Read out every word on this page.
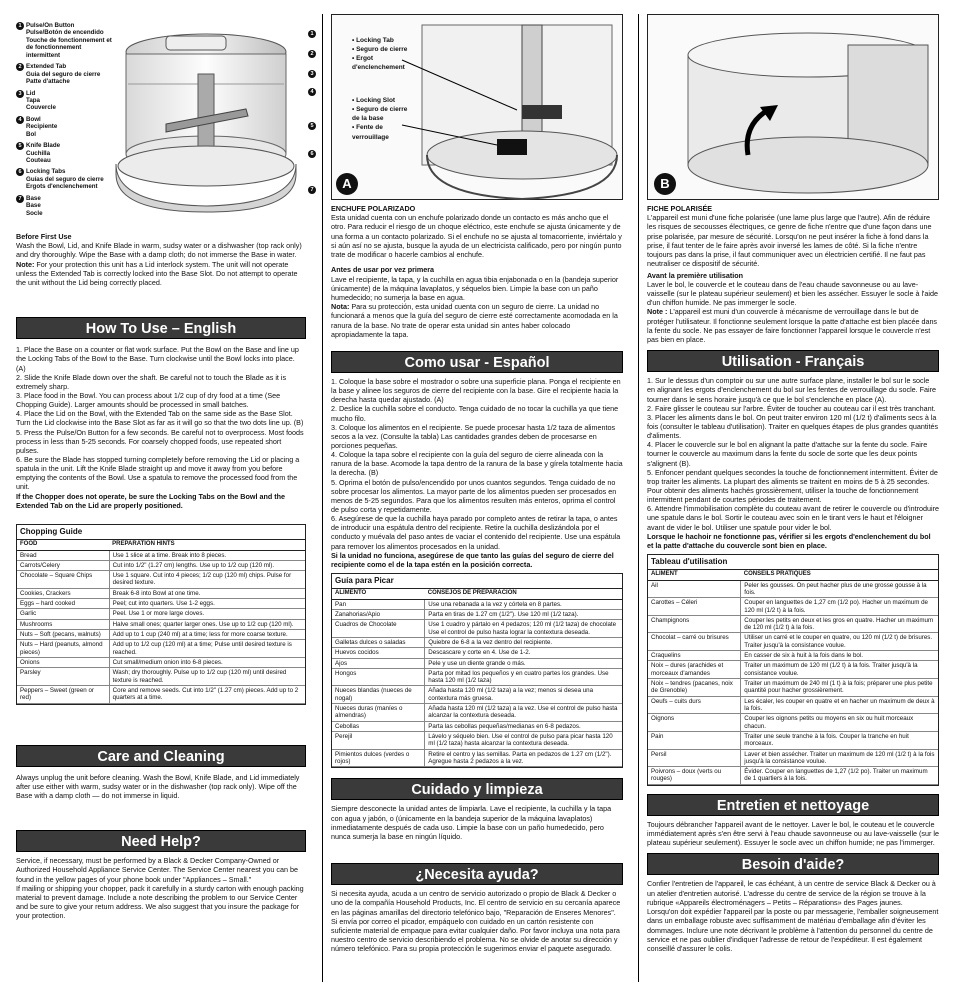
1 Pulse/On Button
Pulse/Botón de encendido
Touche de fonctionnement et de fonctionnement intermittent
2 Extended Tab
Guia del seguro de cierre
Patte d'attache
3 Lid
Tapa
Couvercle
4 Bowl
Recipiente
Bol
5 Knife Blade
Cuchilla
Couteau
6 Locking Tabs
Guías del seguro de cierre
Ergots d'enclenchement
7 Base
Base
Socle
1
2
3
4
5
6
7

Before First Use

Wash the Bowl, Lid, and Knife Blade in warm, sudsy water or a dishwasher (top rack only) and dry thoroughly. Wipe the Base with a damp cloth; do not immerse the Base in water.

Note: For your protection this unit has a Lid interlock system. The unit will not operate unless the Extended Tab is correctly locked into the Base Slot. Do not attempt to operate the unit without the Lid being correctly placed.

How To Use – English

1. Place the Base on a counter or flat work surface. Put the Bowl on the Base and line up the Locking Tabs of the Bowl to the Base. Turn clockwise until the Bowl locks into place. (A)

2. Slide the Knife Blade down over the shaft. Be careful not to touch the Blade as it is extremely sharp.

3. Place food in the Bowl. You can process about 1/2 cup of dry food at a time (See Chopping Guide). Larger amounts should be processed in small batches.

4. Place the Lid on the Bowl, with the Extended Tab on the same side as the Base Slot. Turn the Lid clockwise into the Base Slot as far as it will go so that the two dots line up. (B)

5. Press the Pulse/On Button for a few seconds. Be careful not to overprocess. Most foods process in less than 5-25 seconds. For coarsely chopped foods, use repeated short pulses.

6. Be sure the Blade has stopped turning completely before removing the Lid or placing a spatula in the unit. Lift the Knife Blade straight up and move it away from you before emptying the contents of the Bowl. Use a spatula to remove the processed food from the unit.

If the Chopper does not operate, be sure the Locking Tabs on the Bowl and the Extended Tab on the Lid are properly positioned.

Chopping Guide
FOOD	PREPARATION HINTS
Bread	Use 1 slice at a time. Break into 8 pieces.
Carrots/Celery	Cut into 1/2" (1.27 cm) lengths. Use up to 1/2 cup (120 ml).
Chocolate – Square Chips	Use 1 square. Cut into 4 pieces; 1/2 cup (120 ml) chips. Pulse for desired texture.
Cookies, Crackers	Break 6-8 into Bowl at one time.
Eggs – hard cooked	Peel; cut into quarters. Use 1-2 eggs.
Garlic	Peel. Use 1 or more large cloves.
Mushrooms	Halve small ones; quarter larger ones. Use up to 1/2 cup (120 ml).
Nuts – Soft (pecans, walnuts)	Add up to 1 cup (240 ml) at a time; less for more coarse texture.
Nuts – Hard (peanuts, almond pieces)	Add up to 1/2 cup (120 ml) at a time; Pulse until desired texture is reached.
Onions	Cut small/medium onion into 6-8 pieces.
Parsley	Wash; dry thoroughly. Pulse up to 1/2 cup (120 ml) until desired texture is reached.
Peppers – Sweet (green or red)	Core and remove seeds. Cut into 1/2" (1.27 cm) pieces. Add up to 2 quarters at a time.
Care and Cleaning

Always unplug the unit before cleaning. Wash the Bowl, Knife Blade, and Lid immediately after use either with warm, sudsy water or in the dishwasher (top rack only). Wipe off the Base with a damp cloth — do not immerse in liquid.

Need Help?

Service, if necessary, must be performed by a Black & Decker Company-Owned or Authorized Household Appliance Service Center. The Service Center nearest you can be found in the yellow pages of your phone book under "Appliances – Small."

If mailing or shipping your chopper, pack it carefully in a sturdy carton with enough packing material to prevent damage. Include a note describing the problem to our Service Center and be sure to give your return address. We also suggest that you insure the package for your protection.

• Locking Tab
• Seguro de cierre
• Ergot
d'enclenchement
• Locking Slot
• Seguro de cierre
de la base
• Fente de
verrouillage
A

ENCHUFE POLARIZADO

Esta unidad cuenta con un enchufe polarizado donde un contacto es más ancho que el otro. Para reducir el riesgo de un choque eléctrico, este enchufe se ajusta únicamente y de una forma a un contacto polarizado. Si el enchufe no se ajusta al tomacorriente, inviértalo y si aún así no se ajusta, busque la ayuda de un electricista calificado, pero por ningún punto trate de modificar o hacerle cambios al enchufe.

Antes de usar por vez primera

Lave el recipiente, la tapa, y la cuchilla en agua tibia enjabonada o en la (bandeja superior únicamente) de la máquina lavaplatos, y séquelos bien. Limpie la base con un paño humedecido; no sumerja la base en agua.

Nota: Para su protección, esta unidad cuenta con un seguro de cierre. La unidad no funcionará a menos que la guía del seguro de cierre esté correctamente acomodada en la ranura de la base. No trate de operar esta unidad sin antes haber colocado apropiadamente la tapa.

Como usar - Español

1. Coloque la base sobre el mostrador o sobre una superficie plana. Ponga el recipiente en la base y alinee los seguros de cierre del recipiente con la base. Gire el recipiente hacia la derecha hasta quedar ajustado. (A)

2. Deslice la cuchilla sobre el conducto. Tenga cuidado de no tocar la cuchilla ya que tiene mucho filo.

3. Coloque los alimentos en el recipiente. Se puede procesar hasta 1/2 taza de alimentos secos a la vez. (Consulte la tabla) Las cantidades grandes deben de procesarse en porciones pequeñas.

4. Coloque la tapa sobre el recipiente con la guía del seguro de cierre alineada con la ranura de la base. Acomode la tapa dentro de la ranura de la base y gírela totalmente hacia la derecha. (B)

5. Oprima el botón de pulso/encendido por unos cuantos segundos. Tenga cuidado de no sobre procesar los alimentos. La mayor parte de los alimentos pueden ser procesados en menos de 5-25 segundos. Para que los alimentos resulten más enteros, oprima el control de pulso corta y repetidamente.

6. Asegúrese de que la cuchilla haya parado por completo antes de retirar la tapa, o antes de introducir una espátula dentro del recipiente. Retire la cuchilla deslizándola por el conducto y muévala del paso antes de vaciar el contenido del recipiente. Use una espátula para remover los alimentos procesados en la unidad.

Si la unidad no funciona, asegúrese de que tanto las guías del seguro de cierre del recipiente como el de la tapa estén en la posición correcta.

Guía para Picar
ALIMENTO	CONSEJOS DE PREPARACION
Pan	Use una rebanada a la vez y córtela en 8 partes.
Zanahorias/Apio	Parta en tiras de 1.27 cm (1/2"). Use 120 ml (1/2 taza).
Cuadros de Chocolate	Use 1 cuadro y pártalo en 4 pedazos; 120 ml (1/2 taza) de chocolate Use el control de pulso hasta lograr la contextura deseada.
Galletas dulces o saladas	Quiebre de 6-8 a la vez dentro del recipiente.
Huevos cocidos	Descascare y corte en 4. Use de 1-2.
Ajos	Pele y use un diente grande o más.
Hongos	Parta por mitad los pequeños y en cuatro partes los grandes. Use hasta 120 ml (1/2 taza)
Nueces blandas (nueces de nogal)	Añada hasta 120 ml (1/2 taza) a la vez; menos si desea una contextura más gruesa.
Nueces duras (maníes o almendras)	Añada hasta 120 ml (1/2 taza) a la vez. Use el control de pulso hasta alcanzar la contextura deseada.
Cebollas	Parta las cebollas pequeñas/medianas en 6-8 pedazos.
Perejil	Lávelo y séquelo bien. Use el control de pulso para picar hasta 120 ml (1/2 taza) hasta alcanzar la contextura deseada.
Pimientos dulces (verdes o rojos)	Retire el centro y las semillas. Parta en pedazos de 1.27 cm (1/2"). Agregue hasta 2 pedazos a la vez.
Cuidado y limpieza

Siempre desconecte la unidad antes de limpiarla. Lave el recipiente, la cuchilla y la tapa con agua y jabón, o (únicamente en la bandeja superior de la máquina lavaplatos) inmediatamente después de cada uso. Limpie la base con un paño humedecido, pero nunca sumerja la base en ningún líquido.

¿Necesita ayuda?

Si necesita ayuda, acuda a un centro de servicio autorizado o propio de Black & Decker o uno de la compañía Household Products, Inc. El centro de servicio en su cercanía aparece en las páginas amarillas del directorio telefónico bajo, "Reparación de Enseres Menores".

Si envía por correo el picador, empáquelo con cuidado en un cartón resistente con suficiente material de empaque para evitar cualquier daño. Por favor incluya una nota para nuestro centro de servicio describiendo el problema. No se olvide de anotar su dirección y número telefónico. Para su propia protección le sugerimos enviar el paquete asegurado.

B

FICHE POLARISÉE

L'appareil est muni d'une fiche polarisée (une lame plus large que l'autre). Afin de réduire les risques de secousses électriques, ce genre de fiche n'entre que d'une façon dans une prise polarisée, par mesure de sécurité. Lorsqu'on ne peut insérer la fiche à fond dans la prise, il faut tenter de le faire après avoir inversé les lames de côté. Si la fiche n'entre toujours pas dans la prise, il faut communiquer avec un électricien certifié. Il ne faut pas neutraliser ce dispositif de sécurité.

Avant la première utilisation

Laver le bol, le couvercle et le couteau dans de l'eau chaude savonneuse ou au lave-vaisselle (sur le plateau supérieur seulement) et bien les assécher. Essuyer le socle à l'aide d'un chiffon humide. Ne pas immerger le socle.

Note : L'appareil est muni d'un couvercle à mécanisme de verrouillage dans le but de protéger l'utilisateur. Il fonctionne seulement lorsque la patte d'attache est bien placée dans la fente du socle. Ne pas essayer de faire fonctionner l'appareil lorsque le couvercle n'est pas bien en place.

Utilisation - Français

1. Sur le dessus d'un comptoir ou sur une autre surface plane, installer le bol sur le socle en alignant les ergots d'enclenchement du bol sur les fentes de verrouillage du socle. Faire tourner dans le sens horaire jusqu'à ce que le bol s'enclenche en place (A).

2. Faire glisser le couteau sur l'arbre. Éviter de toucher au couteau car il est très tranchant.

3. Placer les aliments dans le bol. On peut traiter environ 120 ml (1/2 t) d'aliments secs à la fois (consulter le tableau d'utilisation). Traiter en quelques étapes de plus grandes quantités d'aliments.

4. Placer le couvercle sur le bol en alignant la patte d'attache sur la fente du socle. Faire tourner le couvercle au maximum dans la fente du socle de sorte que les deux points s'alignent (B).

5. Enfoncer pendant quelques secondes la touche de fonctionnement intermittent. Éviter de trop traiter les aliments. La plupart des aliments se traitent en moins de 5 à 25 secondes. Pour obtenir des aliments hachés grossièrement, utiliser la touche de fonctionnement intermittent pendant de courtes périodes de traitement.

6. Attendre l'immobilisation complète du couteau avant de retirer le couvercle ou d'introduire une spatule dans le bol. Sortir le couteau avec soin en le tirant vers le haut et l'éloigner avant de vider le bol. Utiliser une spatule pour vider le bol.

Lorsque le hachoir ne fonctionne pas, vérifier si les ergots d'enclenchement du bol et la patte d'attache du couvercle sont bien en place.

Tableau d'utilisation
ALIMENT	CONSEILS PRATIQUES
Ail	Peler les gousses. On peut hacher plus de une grosse gousse à la fois.
Carottes – Céleri	Couper en languettes de 1,27 cm (1/2 po). Hacher un maximum de 120 ml (1/2 t) à la fois.
Champignons	Couper les petits en deux et les gros en quatre. Hacher un maximum de 120 ml (1/2 t) à la fois.
Chocolat – carré ou brisures	Utiliser un carré et le couper en quatre, ou 120 ml (1/2 t) de brisures. Traiter jusqu'à la consistance voulue.
Craquelins	En casser de six à huit à la fois dans le bol.
Noix – dures (arachides et morceaux d'amandes	Traiter un maximum de 120 ml (1/2 t) à la fois. Traiter jusqu'à la consistance voulue.
Noix – tendres (pacanes, noix de Grenoble)	Traiter un maximum de 240 ml (1 t) à la fois; préparer une plus petite quantité pour hacher grossièrement.
Oeufs – cuits durs	Les écaler, les couper en quatre et en hacher un maximum de deux à la fois.
Oignons	Couper les oignons petits ou moyens en six ou huit morceaux chacun.
Pain	Traiter une seule tranche à la fois. Couper la tranche en huit morceaux.
Persil	Laver et bien assécher. Traiter un maximum de 120 ml (1/2 t) à la fois jusqu'à la consistance voulue.
Poivrons – doux (verts ou rouges)	Évider. Couper en languettes de 1,27 (1/2 po). Traiter un maximum de 1 quartiers à la fois.
Entretien et nettoyage

Toujours débrancher l'appareil avant de le nettoyer. Laver le bol, le couteau et le couvercle immédiatement après s'en être servi à l'eau chaude savonneuse ou au lave-vaisselle (sur le plateau supérieur seulement). Essuyer le socle avec un chiffon humide; ne pas l'immerger.

Besoin d'aide?

Confier l'entretien de l'appareil, le cas échéant, à un centre de service Black & Decker ou à un atelier d'entretien autorisé. L'adresse du centre de service de la région se trouve à la rubrique «Appareils électroménagers – Petits – Réparations» des Pages jaunes.

Lorsqu'on doit expédier l'appareil par la poste ou par messagerie, l'emballer soigneusement dans un emballage robuste avec suffisamment de matériau d'emballage afin d'éviter les dommages. Inclure une note décrivant le problème à l'attention du personnel du centre de service et ne pas oublier d'indiquer l'adresse de retour de l'expéditeur. Il est également conseillé d'assurer le colis.
